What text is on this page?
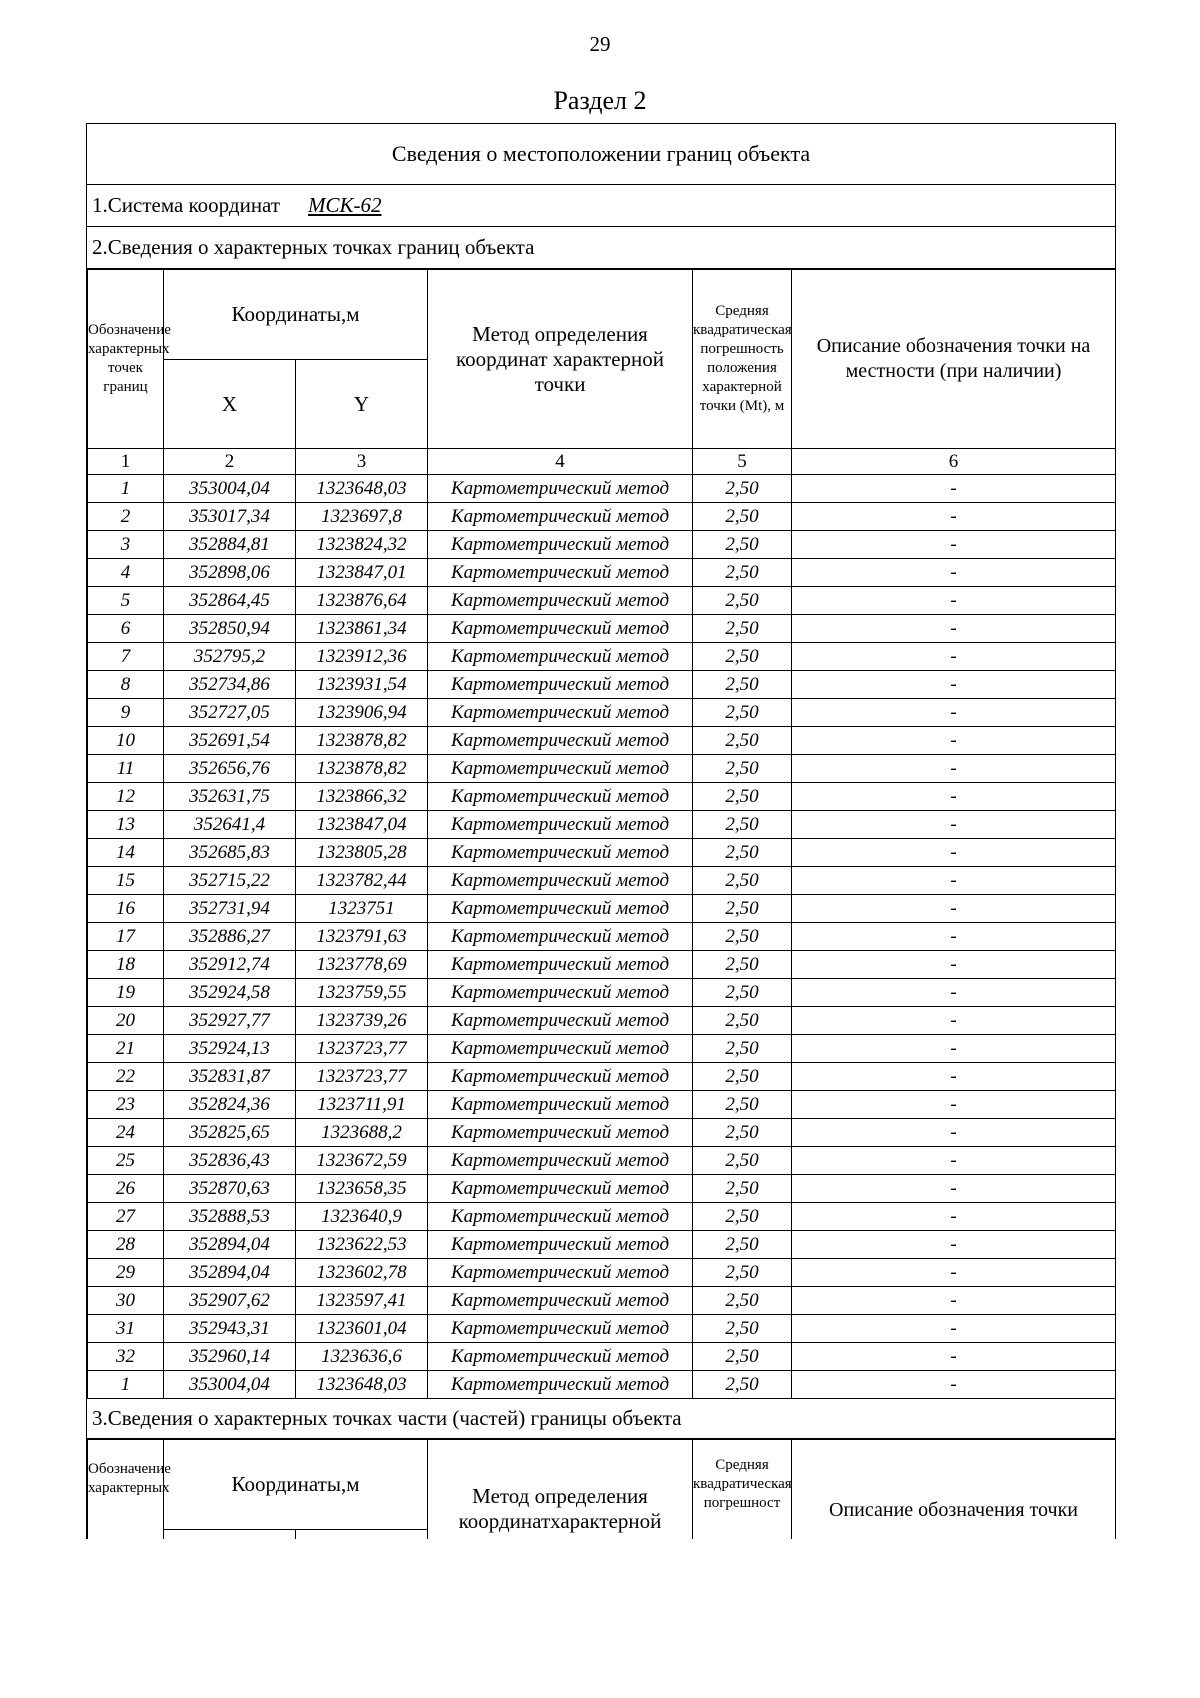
29
Раздел 2
Сведения о местоположении границ объекта
1.Система координат МСК-62
2.Сведения о характерных точках границ объекта
Обозначение характерных точек границ	Координаты,м		Метод определения координат характерной точки	Средняя квадратическая погрешность положения характерной точки (Mt), м	Описание обозначения точки на местности (при наличии)
	X	Y			
1	2	3	4	5	6
1	353004,04	1323648,03	Картометрический метод	2,50	-
2	353017,34	1323697,8	Картометрический метод	2,50	-
3	352884,81	1323824,32	Картометрический метод	2,50	-
4	352898,06	1323847,01	Картометрический метод	2,50	-
5	352864,45	1323876,64	Картометрический метод	2,50	-
6	352850,94	1323861,34	Картометрический метод	2,50	-
7	352795,2	1323912,36	Картометрический метод	2,50	-
8	352734,86	1323931,54	Картометрический метод	2,50	-
9	352727,05	1323906,94	Картометрический метод	2,50	-
10	352691,54	1323878,82	Картометрический метод	2,50	-
11	352656,76	1323878,82	Картометрический метод	2,50	-
12	352631,75	1323866,32	Картометрический метод	2,50	-
13	352641,4	1323847,04	Картометрический метод	2,50	-
14	352685,83	1323805,28	Картометрический метод	2,50	-
15	352715,22	1323782,44	Картометрический метод	2,50	-
16	352731,94	1323751	Картометрический метод	2,50	-
17	352886,27	1323791,63	Картометрический метод	2,50	-
18	352912,74	1323778,69	Картометрический метод	2,50	-
19	352924,58	1323759,55	Картометрический метод	2,50	-
20	352927,77	1323739,26	Картометрический метод	2,50	-
21	352924,13	1323723,77	Картометрический метод	2,50	-
22	352831,87	1323723,77	Картометрический метод	2,50	-
23	352824,36	1323711,91	Картометрический метод	2,50	-
24	352825,65	1323688,2	Картометрический метод	2,50	-
25	352836,43	1323672,59	Картометрический метод	2,50	-
26	352870,63	1323658,35	Картометрический метод	2,50	-
27	352888,53	1323640,9	Картометрический метод	2,50	-
28	352894,04	1323622,53	Картометрический метод	2,50	-
29	352894,04	1323602,78	Картометрический метод	2,50	-
30	352907,62	1323597,41	Картометрический метод	2,50	-
31	352943,31	1323601,04	Картометрический метод	2,50	-
32	352960,14	1323636,6	Картометрический метод	2,50	-
1	353004,04	1323648,03	Картометрический метод	2,50	-
3.Сведения о характерных точках части (частей) границы объекта
Обозначение характерных	Координаты,м		Метод определения координатхарактерной	Средняя квадратическая погрешност	Описание обозначения точки
